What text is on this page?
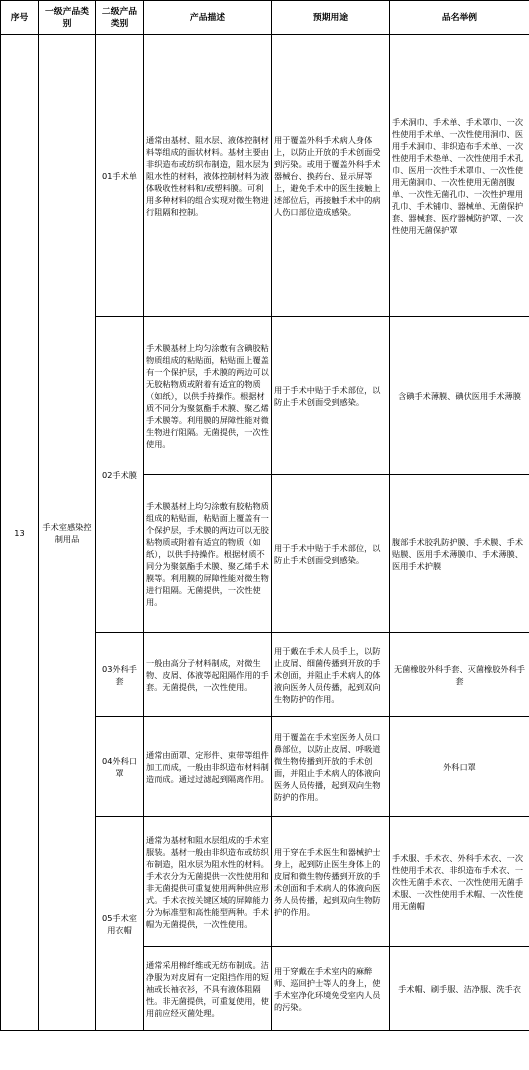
序号	一级产品类别	二级产品类别	产品描述	预期用途	品名举例
13	手术室感染控制用品	01手术单	通常由基材、阻水层、液体控制材料等组成的面状材料。基材主要由非织造布或纺织布制造，阻水层为阻水性的材料，液体控制材料为液体吸收性材料和/或塑料膜。可利用多种材料的组合实现对微生物进行阻隔和控制。	用于覆盖外科手术病人身体上，以防止开放的手术创面受到污染。或用于覆盖外科手术器械台、换药台、显示屏等上，避免手术中的医生接触上述部位后，再接触手术中的病人伤口部位造成感染。	手术洞巾、手术单、手术罩巾、一次性使用手术单、一次性使用洞巾、医用手术洞巾、非织造布手术单、一次性使用手术垫单、一次性使用手术孔巾、医用一次性手术罩巾、一次性使用无菌洞巾、一次性使用无菌剖腹单、一次性无菌孔巾、一次性护理用孔巾、手术铺巾、器械单、无菌保护套、器械套、医疗器械防护罩、一次性使用无菌保护罩
		02手术膜	手术膜基材上均匀涂敷有含碘胶粘物质组成的粘贴面，粘贴面上覆盖有一个保护层，手术膜的两边可以无胶粘物质或附着有适宜的物质（如纸），以供手持操作。根据材质不同分为聚氨酯手术膜、聚乙烯手术膜等。利用膜的屏障性能对微生物进行阻隔。无菌提供，一次性使用。	用于手术中贴于手术部位，以防止手术创面受到感染。	含碘手术薄膜、碘伏医用手术薄膜
			手术膜基材上均匀涂敷有胶粘物质组成的粘贴面，粘贴面上覆盖有一个保护层，手术膜的两边可以无胶粘物质或附着有适宜的物质（如纸），以供手持操作。根据材质不同分为聚氨酯手术膜、聚乙烯手术膜等。利用膜的屏障性能对微生物进行阻隔。无菌提供，一次性使用。	用于手术中贴于手术部位，以防止手术创面受到感染。	腹部手术胶乳防护膜、手术膜、手术贴膜、医用手术薄膜巾、手术薄膜、医用手术护膜
		03外科手套	一般由高分子材料制成，对微生物、皮屑、体液等起阻隔作用的手套。无菌提供，一次性使用。	用于戴在手术人员手上，以防止皮屑、细菌传播到开放的手术创面，并阻止手术病人的体液向医务人员传播，起到双向生物防护的作用。	无菌橡胶外科手套、灭菌橡胶外科手套
		04外科口罩	通常由面罩、定形件、束带等组件加工而成，一般由非织造布材料制造而成。通过过滤起到隔离作用。	用于覆盖在手术室医务人员口鼻部位，以防止皮屑、呼吸道微生物传播到开放的手术创面，并阻止手术病人的体液向医务人员传播，起到双向生物防护的作用。	外科口罩
		05手术室用衣帽	通常为基材和阻水层组成的手术室服装。基材一般由非织造布或纺织布制造，阻水层为阻水性的材料。手术衣分为无菌提供一次性使用和非无菌提供可重复使用两种供应形式。手术衣按关键区域的屏障能力分为标准型和高性能型两种。手术帽为无菌提供，一次性使用。	用于穿在手术医生和器械护士身上，起到防止医生身体上的皮屑和微生物传播到开放的手术创面和手术病人的体液向医务人员传播，起到双向生物防护的作用。	手术服、手术衣、外科手术衣、一次性使用手术衣、非织造布手术衣、一次性无菌手术衣、一次性使用无菌手术服、一次性使用手术帽、一次性使用无菌帽
			通常采用棉纤维或无纺布制成。洁净服为对皮屑有一定阻挡作用的短袖或长袖衣衫，不具有液体阻隔性。非无菌提供，可重复使用，使用前应经灭菌处理。	用于穿戴在手术室内的麻醉师、巡回护士等人的身上，使手术室净化环境免受室内人员的污染。	手术帽、刷手服、洁净服、洗手衣
